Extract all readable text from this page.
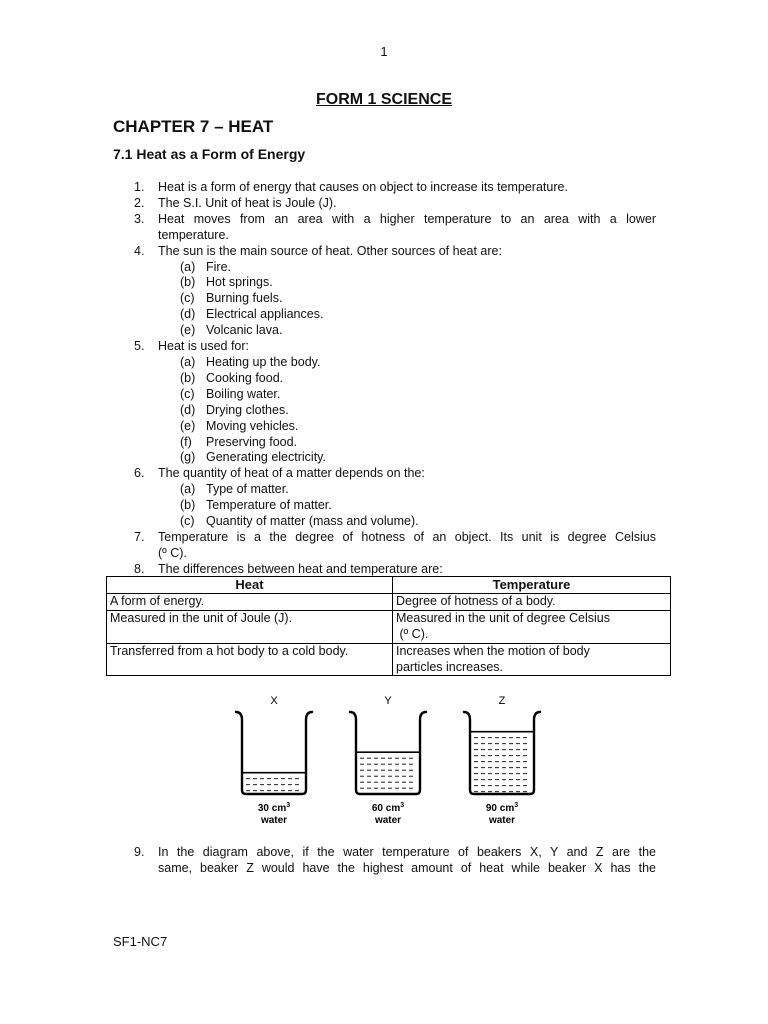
1
FORM 1 SCIENCE
CHAPTER 7 – HEAT
7.1 Heat as a Form of Energy
1. Heat is a form of energy that causes on object to increase its temperature.
2. The S.I. Unit of heat is Joule (J).
3. Heat moves from an area with a higher temperature to an area with a lower
temperature.
4. The sun is the main source of heat. Other sources of heat are:
(a) Fire.
(b) Hot springs.
(c) Burning fuels.
(d) Electrical appliances.
(e) Volcanic lava.
5. Heat is used for:
(a) Heating up the body.
(b) Cooking food.
(c) Boiling water.
(d) Drying clothes.
(e) Moving vehicles.
(f) Preserving food.
(g) Generating electricity.
6. The quantity of heat of a matter depends on the:
(a) Type of matter.
(b) Temperature of matter.
(c) Quantity of matter (mass and volume).
7. Temperature is a the degree of hotness of an object. Its unit is degree Celsius
(º C).
8. The differences between heat and temperature are:
Heat	Temperature
A form of energy.	Degree of hotness of a body.
Measured in the unit of Joule (J).	Measured in the unit of degree Celsius
(º C).

Transferred from a hot body to a cold body.	Increases when the motion of body
particles increases.
X
30 $cm^3$
water
Y
60 $cm^3$
water
Z
90 $cm^3$
water
9. In the diagram above, if the water temperature of beakers X, Y and Z are the
same, beaker Z would have the highest amount of heat while beaker X has the
SF1-NC7
